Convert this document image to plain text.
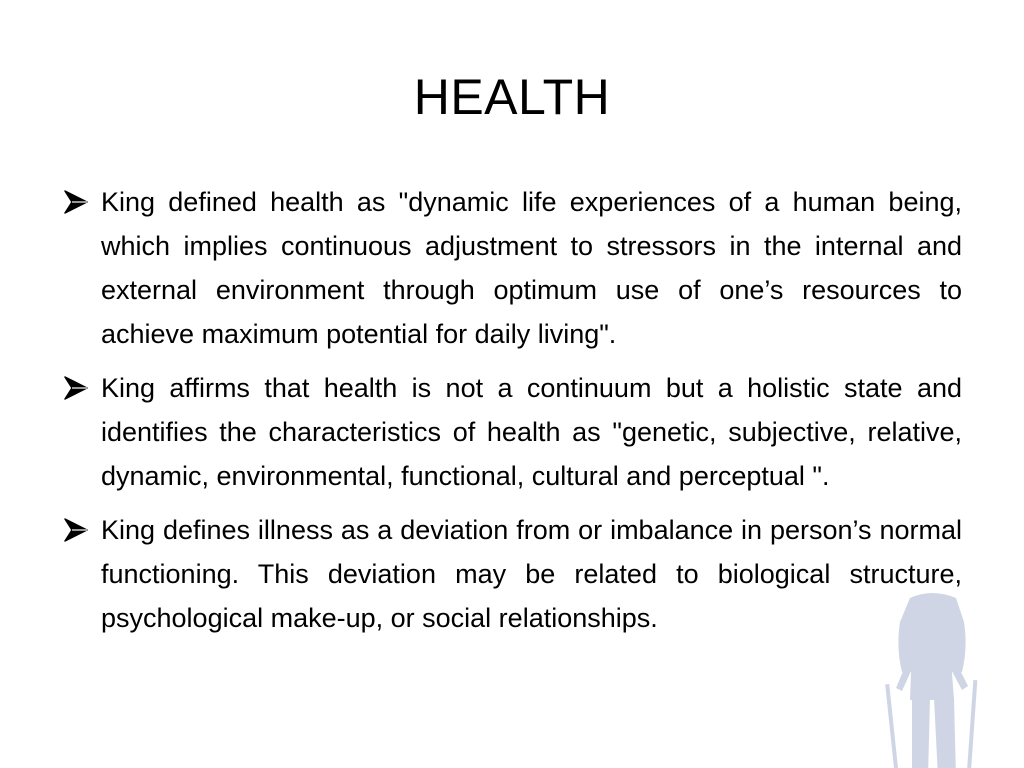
HEALTH
King defined health as "dynamic life experiences of a human being, which implies continuous adjustment to stressors in the internal and external environment through optimum use of one’s resources to achieve maximum potential for daily living".
King affirms that health is not a continuum but a holistic state and identifies the characteristics of health as "genetic, subjective, relative, dynamic, environmental, functional, cultural and perceptual ".
King defines illness as a deviation from or imbalance in person’s normal functioning. This deviation may be related to biological structure, psychological make-up, or social relationships.
